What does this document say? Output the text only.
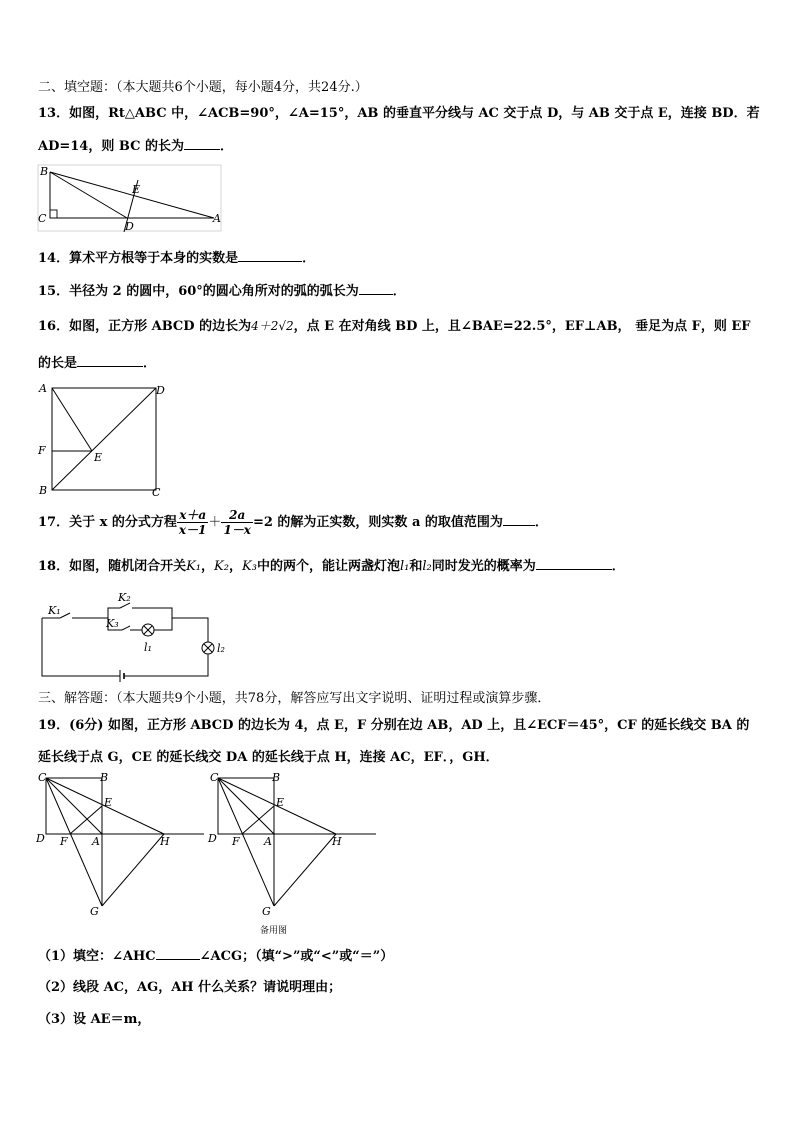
二、填空题：（本大题共6个小题，每小题4分，共24分.）
13．如图，Rt△ABC 中，∠ACB=90°，∠A=15°，AB 的垂直平分线与 AC 交于点 D，与 AB 交于点 E，连接 BD．若
AD=14，则 BC 的长为	．
B
E
C
D
A
14．算术平方根等于本身的实数是	．
15．半径为 2 的圆中，60°的圆心角所对的弧的弧长为	．
16．如图，正方形 ABCD 的边长为4＋2√2，点 E 在对角线 BD 上，且∠BAE=22.5°，EF⊥AB， 垂足为点 F，则 EF
的长是	．
A	D
F
E
B	C
17．关于 x 的分式方程 $\frac{x+a}{x-1} + \frac{2a}{1-x} =2$ 的解为正实数，则实数 a 的取值范围为 ．
18．如图，随机闭合开关K₁，K₂，K₃中的两个，能让两盏灯泡l₁和l₂同时发光的概率为	．
K₁
K₂
K₃
l₁	l₂
三、解答题：（本大题共9个小题，共78分，解答应写出文字说明、证明过程或演算步骤．
19．(6分) 如图，正方形 ABCD 的边长为 4，点 E，F 分别在边 AB，AD 上，且∠ECF＝45°，CF 的延长线交 BA 的
延长线于点 G，CE 的延长线交 DA 的延长线于点 H，连接 AC，EF．，GH．
C	B
E
D F A	H
G
C	B
E
D F A	H
G
备用图
（1）填空：∠AHC	∠ACG；（填“>”或“<”或“＝”）
（2）线段 AC，AG，AH 什么关系？请说明理由；
（3）设 AE＝m，
